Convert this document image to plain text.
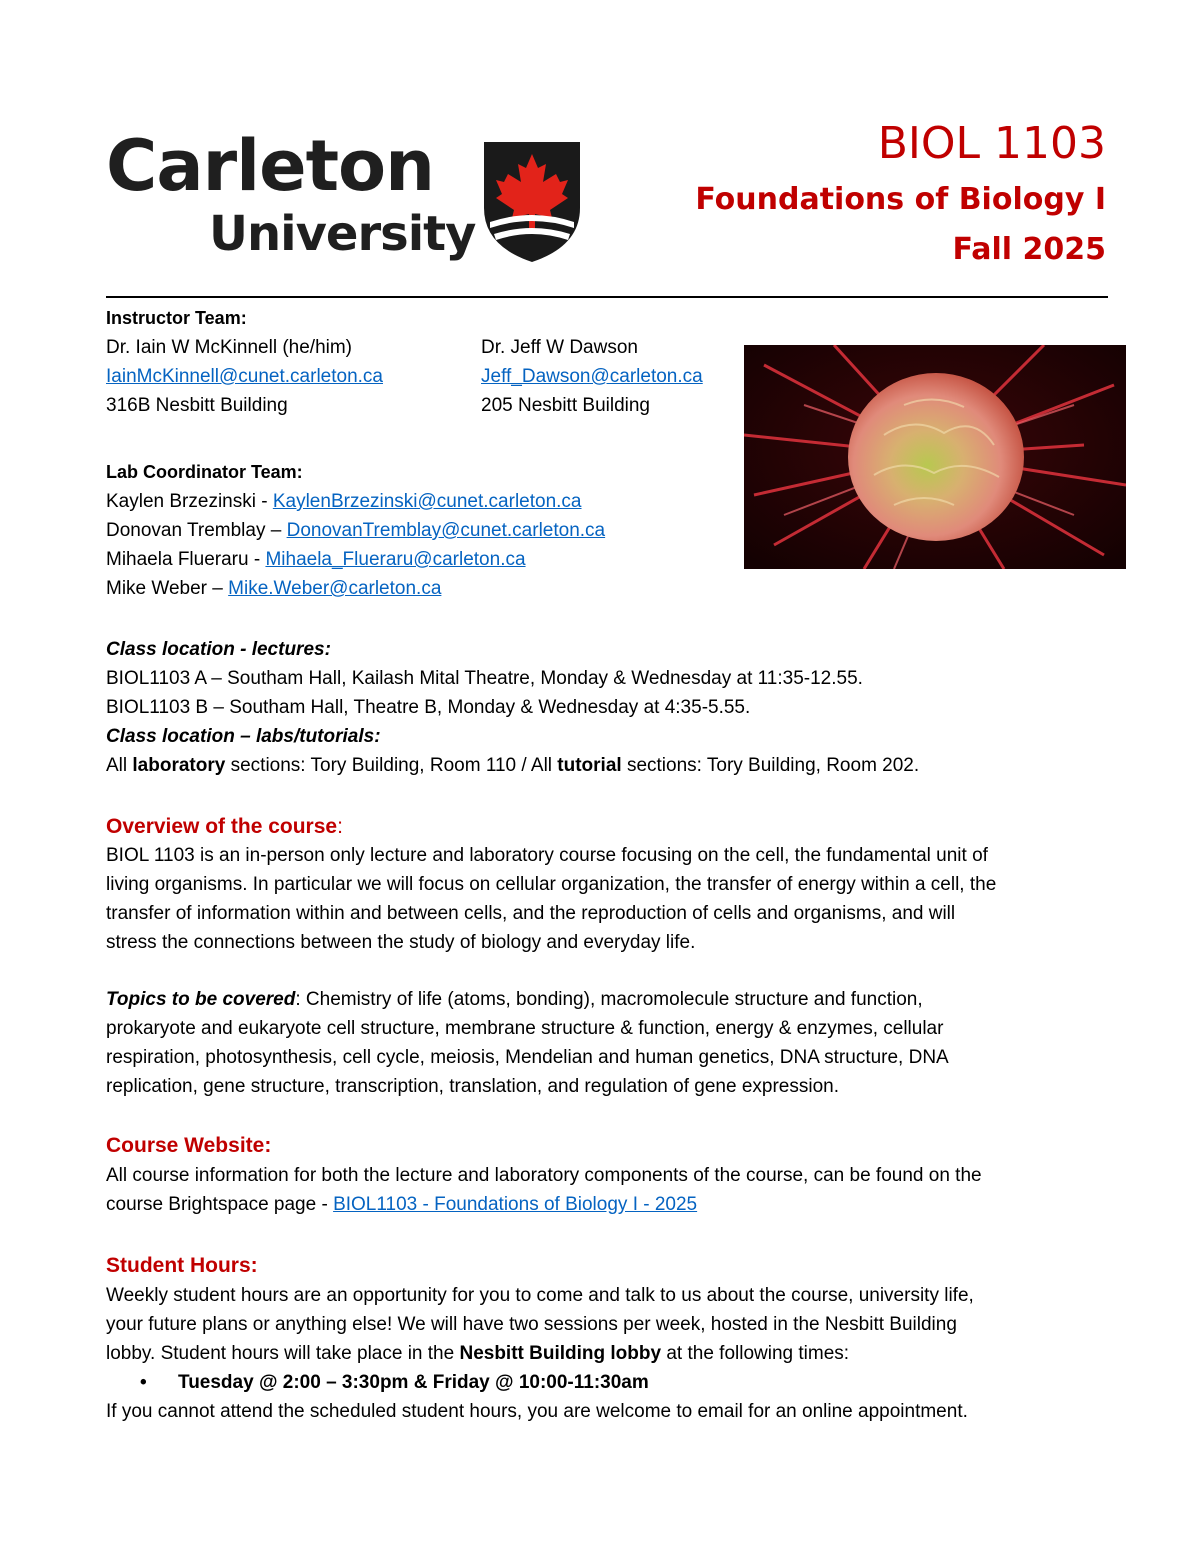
Carleton
University
BIOL 1103
Foundations of Biology I
Fall 2025
Instructor Team:
Dr. Iain W McKinnell (he/him)
IainMcKinnell@cunet.carleton.ca
316B Nesbitt Building
Dr. Jeff W Dawson
Jeff_Dawson@carleton.ca
205 Nesbitt Building
Lab Coordinator Team:
Kaylen Brzezinski - KaylenBrzezinski@cunet.carleton.ca
Donovan Tremblay – DonovanTremblay@cunet.carleton.ca
Mihaela Flueraru - Mihaela_Flueraru@carleton.ca
Mike Weber – Mike.Weber@carleton.ca
Class location - lectures:
BIOL1103 A – Southam Hall, Kailash Mital Theatre, Monday & Wednesday at 11:35-12.55.
BIOL1103 B – Southam Hall, Theatre B, Monday & Wednesday at 4:35-5.55.
Class location – labs/tutorials:
All laboratory sections: Tory Building, Room 110 / All tutorial sections: Tory Building, Room 202.
Overview of the course:
BIOL 1103 is an in-person only lecture and laboratory course focusing on the cell, the fundamental unit of
living organisms. In particular we will focus on cellular organization, the transfer of energy within a cell, the
transfer of information within and between cells, and the reproduction of cells and organisms, and will
stress the connections between the study of biology and everyday life.
Topics to be covered: Chemistry of life (atoms, bonding), macromolecule structure and function,
prokaryote and eukaryote cell structure, membrane structure & function, energy & enzymes, cellular
respiration, photosynthesis, cell cycle, meiosis, Mendelian and human genetics, DNA structure, DNA
replication, gene structure, transcription, translation, and regulation of gene expression.
Course Website:
All course information for both the lecture and laboratory components of the course, can be found on the
course Brightspace page - BIOL1103 - Foundations of Biology I - 2025
Student Hours:
Weekly student hours are an opportunity for you to come and talk to us about the course, university life,
your future plans or anything else! We will have two sessions per week, hosted in the Nesbitt Building
lobby. Student hours will take place in the Nesbitt Building lobby at the following times:
• Tuesday @ 2:00 – 3:30pm & Friday @ 10:00-11:30am
If you cannot attend the scheduled student hours, you are welcome to email for an online appointment.
